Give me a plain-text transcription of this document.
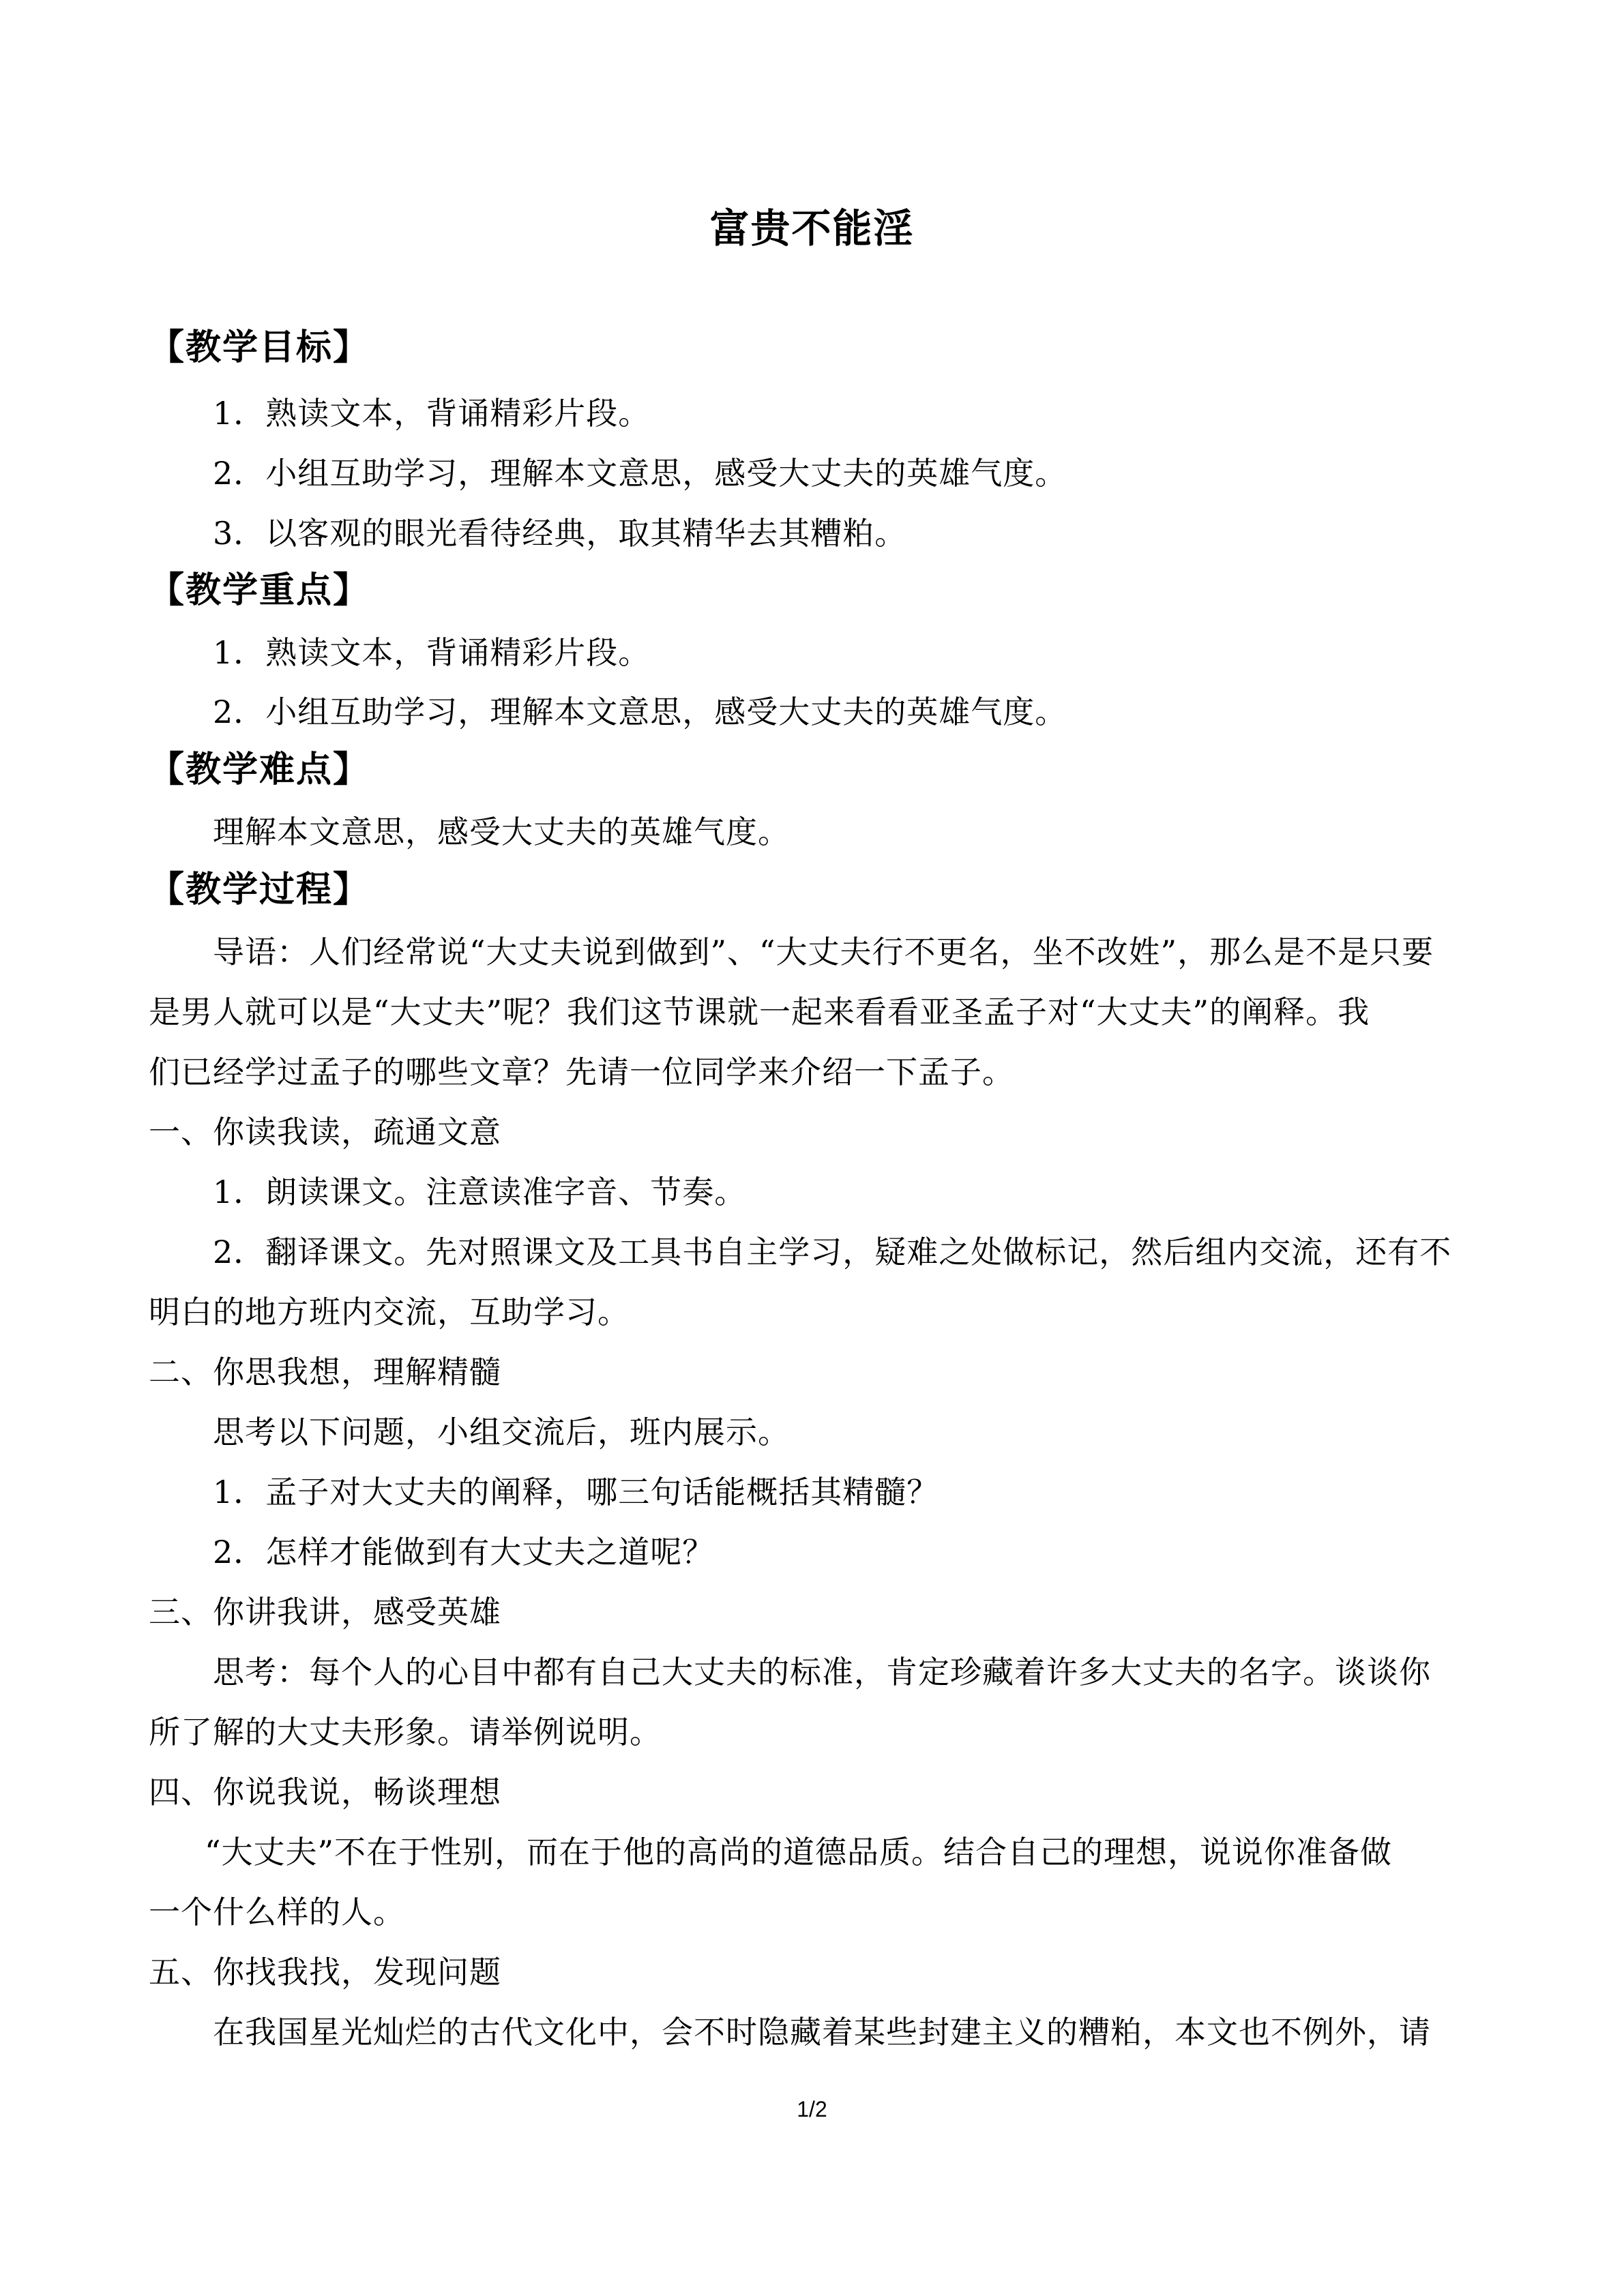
富贵不能淫
【教学目标】
1．熟读文本，背诵精彩片段。
2．小组互助学习，理解本文意思，感受大丈夫的英雄气度。
3．以客观的眼光看待经典，取其精华去其糟粕。
【教学重点】
1．熟读文本，背诵精彩片段。
2．小组互助学习，理解本文意思，感受大丈夫的英雄气度。
【教学难点】
理解本文意思，感受大丈夫的英雄气度。
【教学过程】
导语：人们经常说“大丈夫说到做到”、“大丈夫行不更名，坐不改姓”，那么是不是只要
是男人就可以是“大丈夫”呢？我们这节课就一起来看看亚圣孟子对“大丈夫”的阐释。我
们已经学过孟子的哪些文章？先请一位同学来介绍一下孟子。
一、你读我读，疏通文意
1．朗读课文。注意读准字音、节奏。
2．翻译课文。先对照课文及工具书自主学习，疑难之处做标记，然后组内交流，还有不
明白的地方班内交流，互助学习。
二、你思我想，理解精髓
思考以下问题，小组交流后，班内展示。
1．孟子对大丈夫的阐释，哪三句话能概括其精髓？
2．怎样才能做到有大丈夫之道呢？
三、你讲我讲，感受英雄
思考：每个人的心目中都有自己大丈夫的标准，肯定珍藏着许多大丈夫的名字。谈谈你
所了解的大丈夫形象。请举例说明。
四、你说我说，畅谈理想
“大丈夫”不在于性别，而在于他的高尚的道德品质。结合自己的理想，说说你准备做
一个什么样的人。
五、你找我找，发现问题
在我国星光灿烂的古代文化中，会不时隐藏着某些封建主义的糟粕，本文也不例外，请
1/2
